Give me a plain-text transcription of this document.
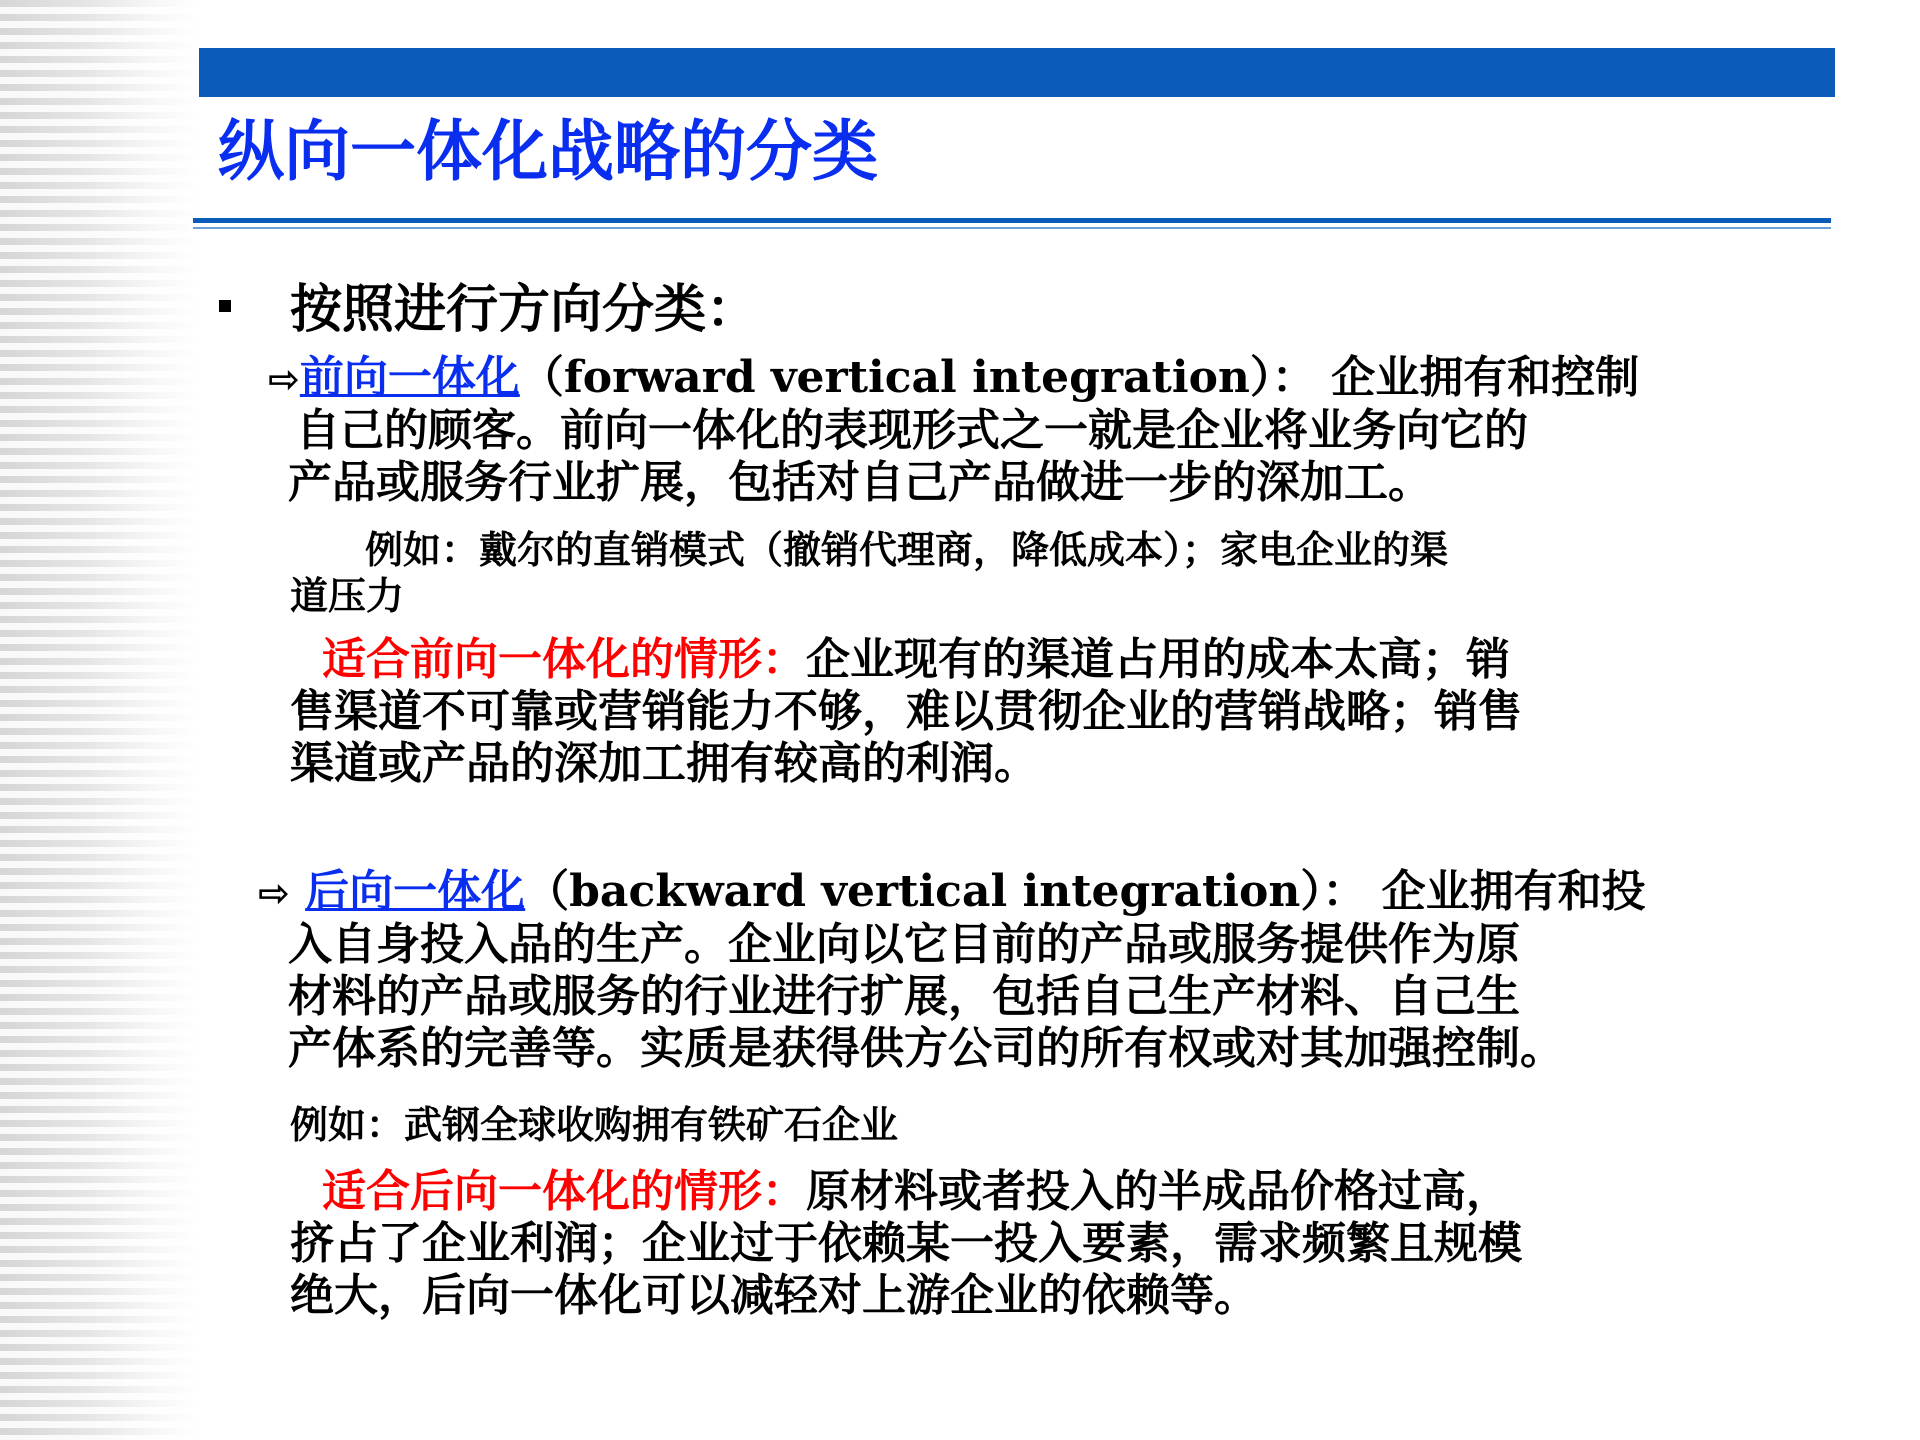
纵向一体化战略的分类
按照进行方向分类：
⇨前向一体化（forward vertical integration）： 企业拥有和控制
自己的顾客。前向一体化的表现形式之一就是企业将业务向它的
产品或服务行业扩展，包括对自己产品做进一步的深加工。
例如：戴尔的直销模式（撤销代理商，降低成本）；家电企业的渠
道压力
适合前向一体化的情形：企业现有的渠道占用的成本太高；销
售渠道不可靠或营销能力不够，难以贯彻企业的营销战略；销售
渠道或产品的深加工拥有较高的利润。
⇨ 后向一体化（backward vertical integration）： 企业拥有和投
入自身投入品的生产。企业向以它目前的产品或服务提供作为原
材料的产品或服务的行业进行扩展，包括自己生产材料、自己生
产体系的完善等。实质是获得供方公司的所有权或对其加强控制。
例如：武钢全球收购拥有铁矿石企业
适合后向一体化的情形：原材料或者投入的半成品价格过高，
挤占了企业利润；企业过于依赖某一投入要素，需求频繁且规模
绝大，后向一体化可以减轻对上游企业的依赖等。
